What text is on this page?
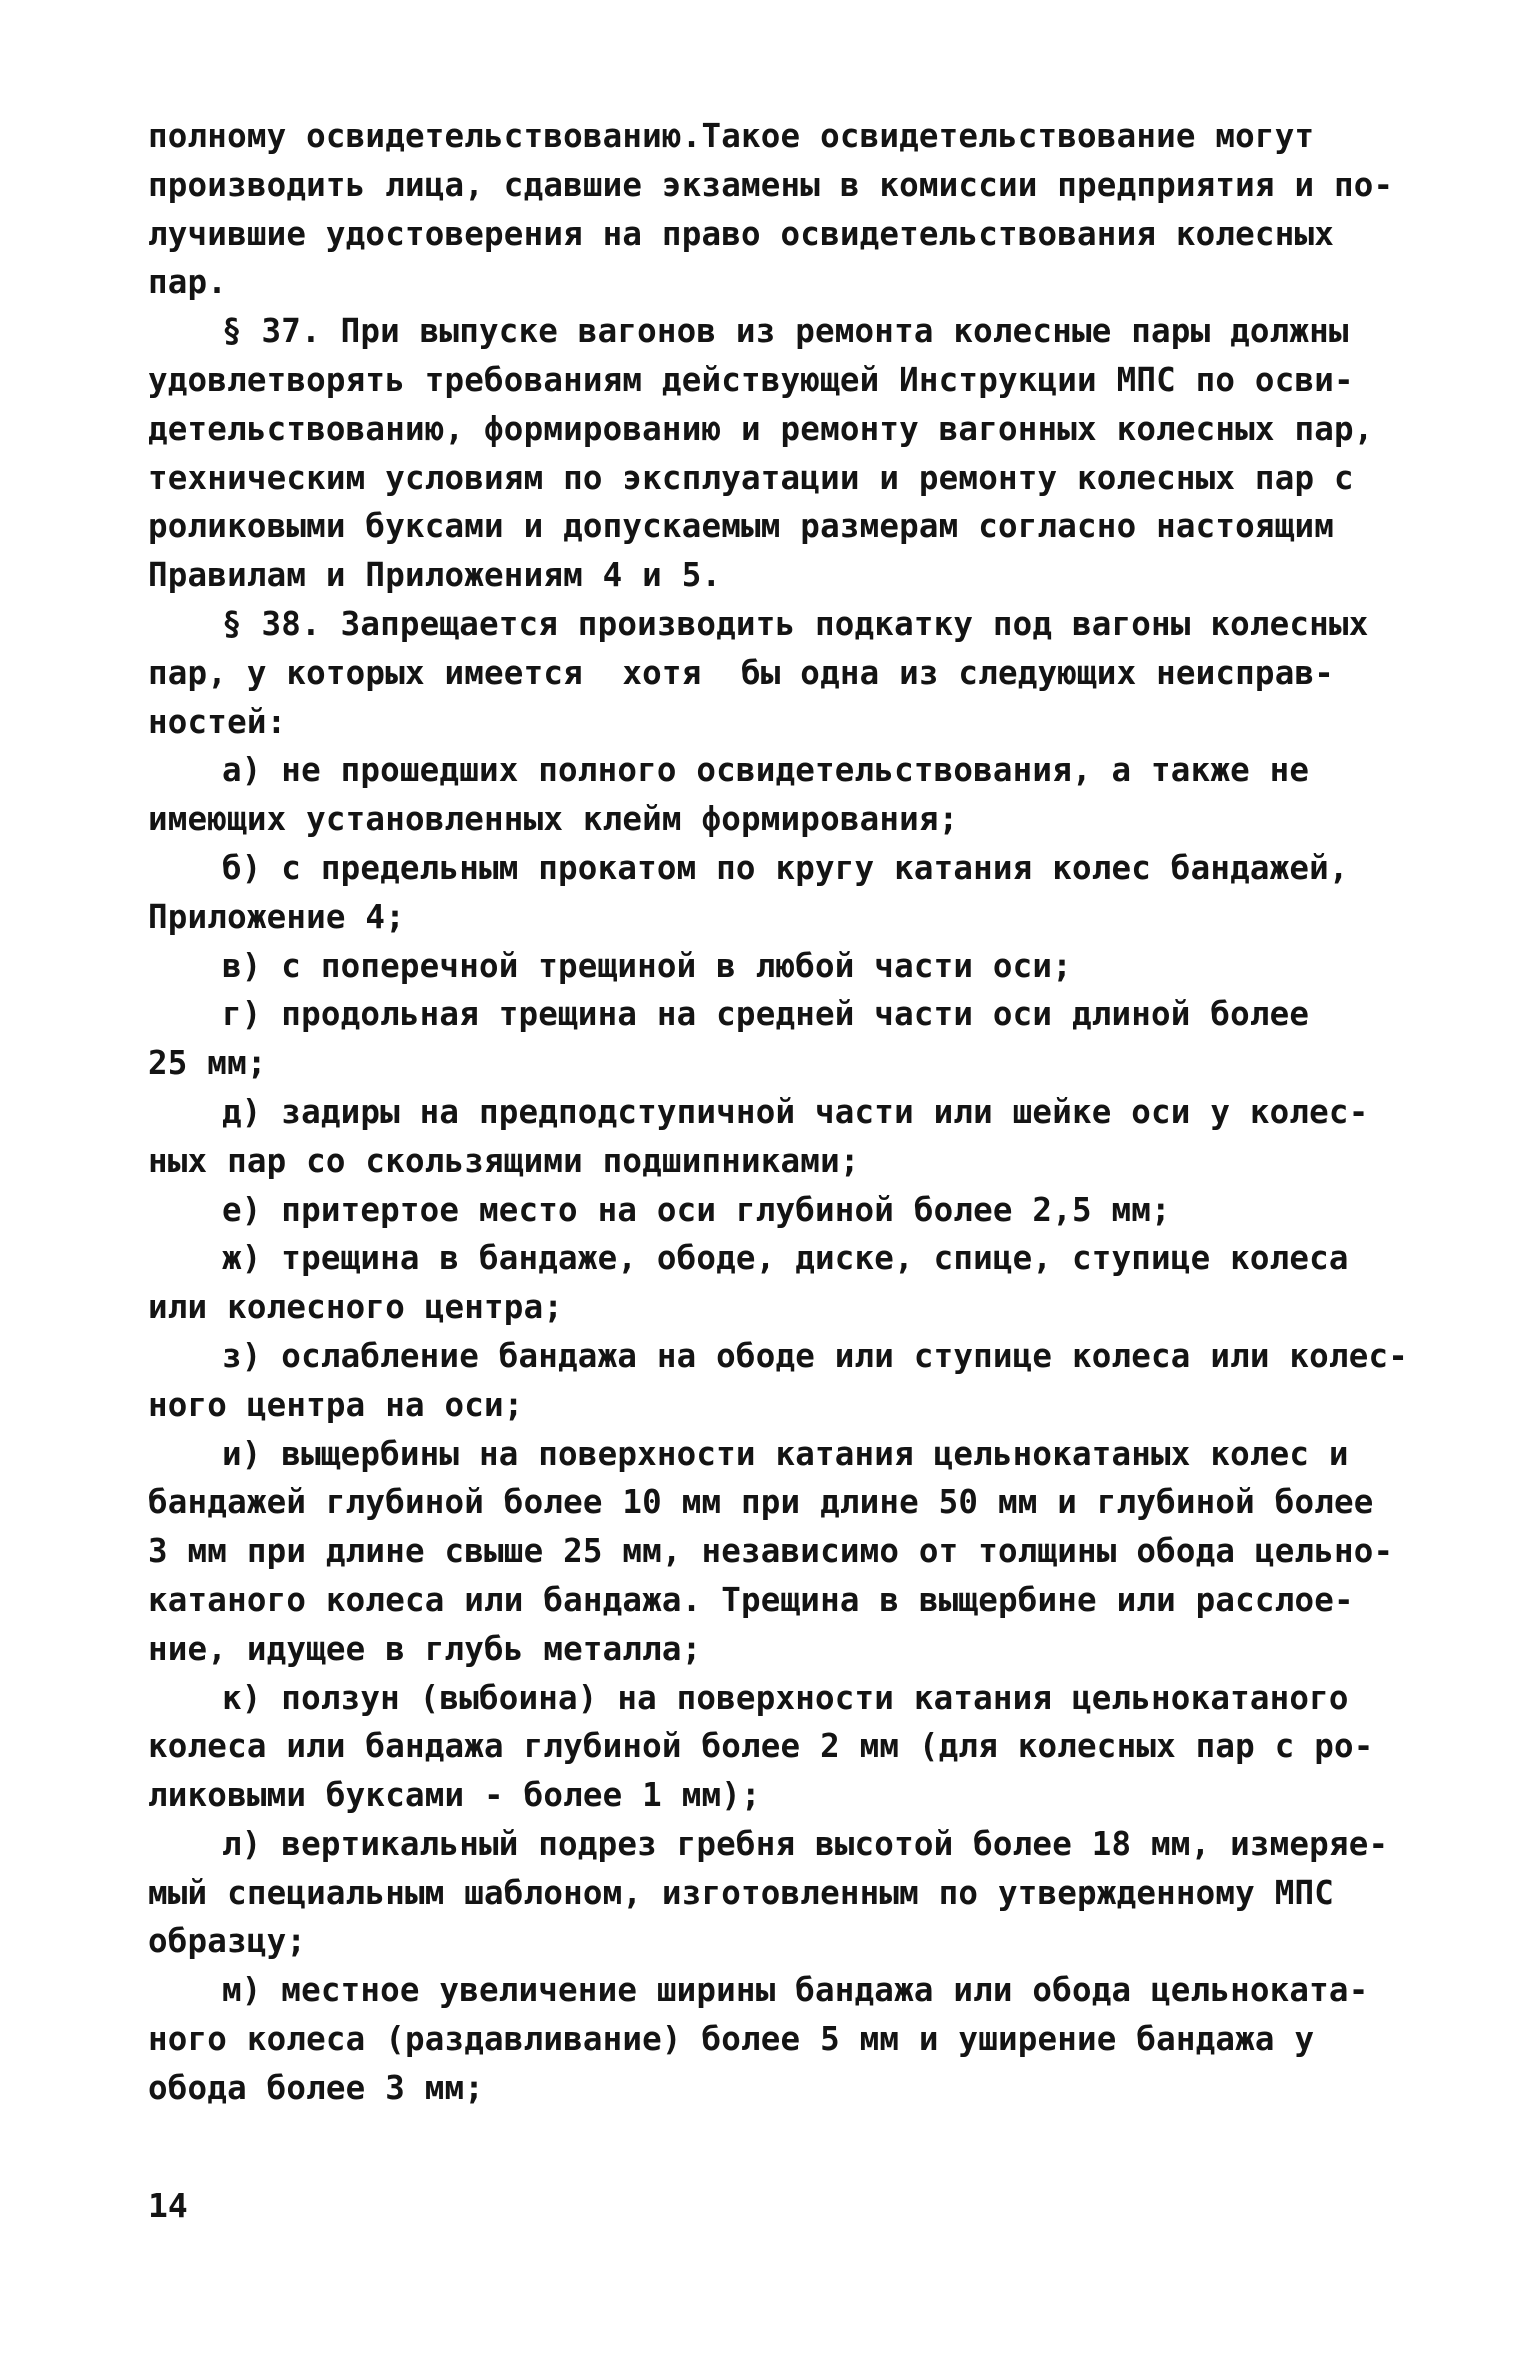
полному освидетельствованию.Такое освидетельствование могут
производить лица, сдавшие экзамены в комиссии предприятия и по-
лучившие удостоверения на право освидетельствования колесных
пар.
§ 37. При выпуске вагонов из ремонта колесные пары должны
удовлетворять требованиям действующей Инструкции МПС по осви-
детельствованию, формированию и ремонту вагонных колесных пар,
техническим условиям по эксплуатации и ремонту колесных пар с
роликовыми буксами и допускаемым размерам согласно настоящим
Правилам и Приложениям 4 и 5.
§ 38. Запрещается производить подкатку под вагоны колесных
пар, у которых имеется  хотя  бы одна из следующих неисправ-
ностей:
а) не прошедших полного освидетельствования, а также не
имеющих установленных клейм формирования;
б) с предельным прокатом по кругу катания колес бандажей,
Приложение 4;
в) с поперечной трещиной в любой части оси;
г) продольная трещина на средней части оси длиной более
25 мм;
д) задиры на предподступичной части или шейке оси у колес-
ных пар со скользящими подшипниками;
е) притертое место на оси глубиной более 2,5 мм;
ж) трещина в бандаже, ободе, диске, спице, ступице колеса
или колесного центра;
з) ослабление бандажа на ободе или ступице колеса или колес-
ного центра на оси;
и) выщербины на поверхности катания цельнокатаных колес и
бандажей глубиной более 10 мм при длине 50 мм и глубиной более
3 мм при длине свыше 25 мм, независимо от толщины обода цельно-
катаного колеса или бандажа. Трещина в выщербине или расслое-
ние, идущее в глубь металла;
к) ползун (выбоина) на поверхности катания цельнокатаного
колеса или бандажа глубиной более 2 мм (для колесных пар с ро-
ликовыми буксами - более 1 мм);
л) вертикальный подрез гребня высотой более 18 мм, измеряе-
мый специальным шаблоном, изготовленным по утвержденному МПС
образцу;
м) местное увеличение ширины бандажа или обода цельноката-
ного колеса (раздавливание) более 5 мм и уширение бандажа у
обода более 3 мм;
14
